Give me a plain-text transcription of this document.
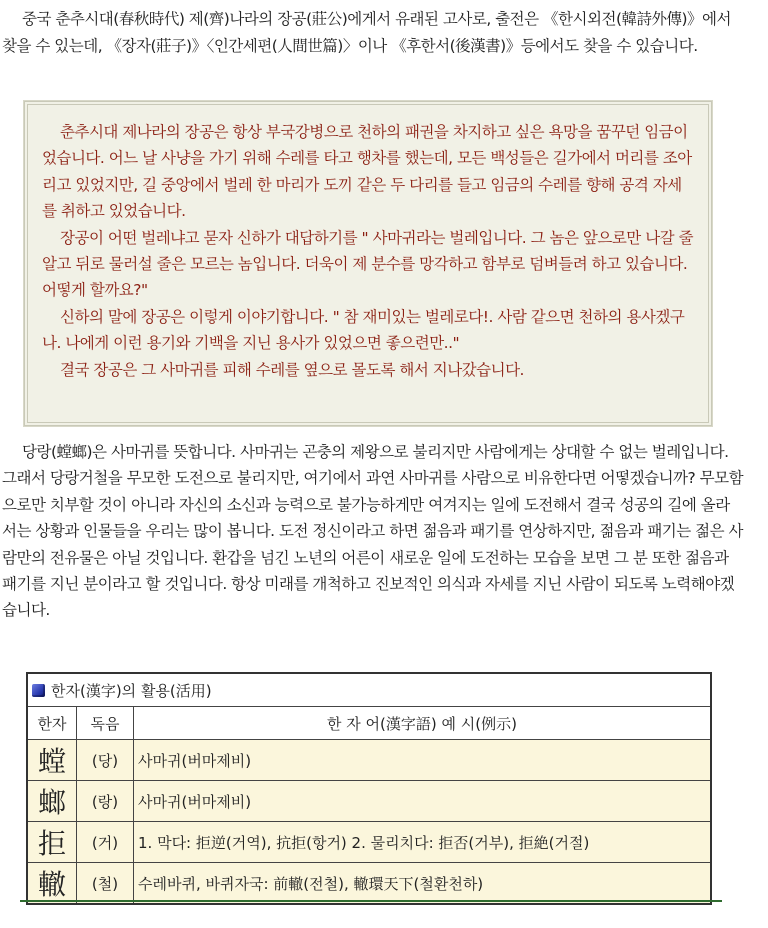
중국 춘추시대(春秋時代) 제(齊)나라의 장공(莊公)에게서 유래된 고사로, 출전은 《한시외전(韓詩外傳)》에서 찾을 수 있는데, 《장자(莊子)》〈인간세편(人間世篇)〉이나 《후한서(後漢書)》등에서도 찾을 수 있습니다.

춘추시대 제나라의 장공은 항상 부국강병으로 천하의 패권을 차지하고 싶은 욕망을 꿈꾸던 임금이었습니다. 어느 날 사냥을 가기 위해 수레를 타고 행차를 했는데, 모든 백성들은 길가에서 머리를 조아리고 있었지만, 길 중앙에서 벌레 한 마리가 도끼 같은 두 다리를 들고 임금의 수레를 향해 공격 자세를 취하고 있었습니다.

장공이 어떤 벌레냐고 묻자 신하가 대답하기를 " 사마귀라는 벌레입니다. 그 놈은 앞으로만 나갈 줄 알고 뒤로 물러설 줄은 모르는 놈입니다. 더욱이 제 분수를 망각하고 함부로 덤벼들려 하고 있습니다. 어떻게 할까요?"

신하의 말에 장공은 이렇게 이야기합니다. " 참 재미있는 벌레로다!. 사람 같으면 천하의 용사겠구나. 나에게 이런 용기와 기백을 지닌 용사가 있었으면 좋으련만.."

결국 장공은 그 사마귀를 피해 수레를 옆으로 몰도록 해서 지나갔습니다.

당랑(螳螂)은 사마귀를 뜻합니다. 사마귀는 곤충의 제왕으로 불리지만 사람에게는 상대할 수 없는 벌레입니다. 그래서 당랑거철을 무모한 도전으로 불리지만, 여기에서 과연 사마귀를 사람으로 비유한다면 어떻겠습니까? 무모함으로만 치부할 것이 아니라 자신의 소신과 능력으로 불가능하게만 여겨지는 일에 도전해서 결국 성공의 길에 올라서는 상황과 인물들을 우리는 많이 봅니다. 도전 정신이라고 하면 젊음과 패기를 연상하지만, 젊음과 패기는 젊은 사람만의 전유물은 아닐 것입니다. 환갑을 넘긴 노년의 어른이 새로운 일에 도전하는 모습을 보면 그 분 또한 젊음과 패기를 지닌 분이라고 할 것입니다. 항상 미래를 개척하고 진보적인 의식과 자세를 지닌 사람이 되도록 노력해야겠습니다.

한자(漢字)의 활용(活用)		
한자	독음	한 자 어(漢字語) 예 시(例示)
螳	(당)	사마귀(버마제비)
螂	(랑)	사마귀(버마제비)
拒	(거)	1. 막다: 拒逆(거역), 抗拒(항거) 2. 물리치다: 拒否(거부), 拒絶(거절)
轍	(철)	수레바퀴, 바퀴자국: 前轍(전철), 轍環天下(철환천하)
